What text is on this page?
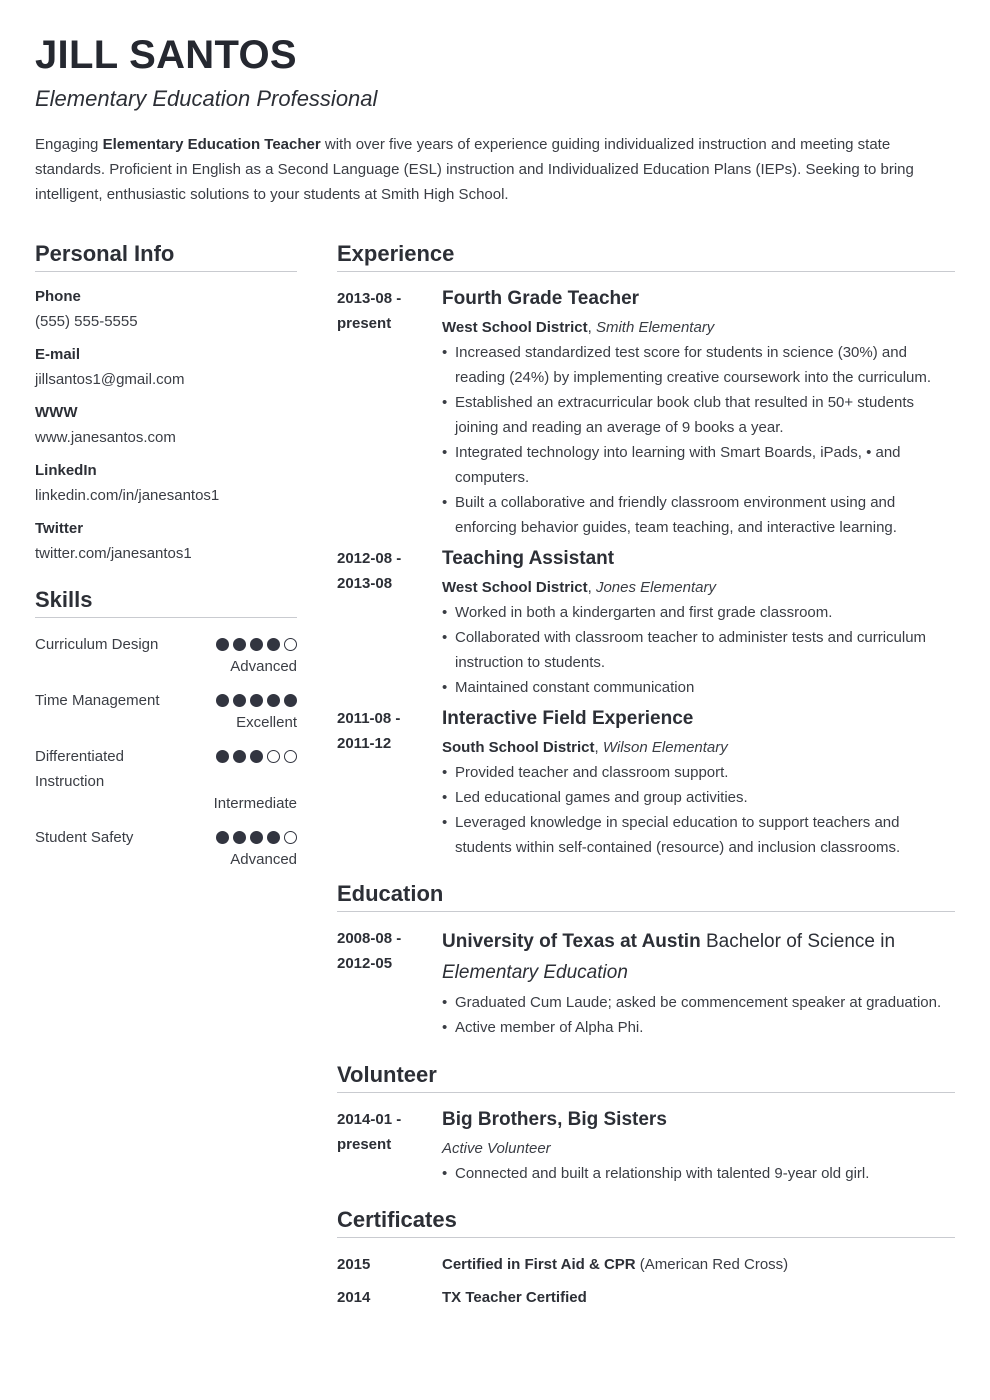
JILL SANTOS
Elementary Education Professional
Engaging Elementary Education Teacher with over five years of experience guiding individualized instruction and meeting state standards. Proficient in English as a Second Language (ESL) instruction and Individualized Education Plans (IEPs). Seeking to bring intelligent, enthusiastic solutions to your students at Smith High School.
Personal Info
Phone
(555) 555-5555
E-mail
jillsantos1@gmail.com
WWW
www.janesantos.com
LinkedIn
linkedin.com/in/janesantos1
Twitter
twitter.com/janesantos1
Skills
Curriculum Design
Advanced
Time Management
Excellent
Differentiated Instruction
Intermediate
Student Safety
Advanced
Experience
2013-08 -
present
Fourth Grade Teacher
West School District, Smith Elementary
• Increased standardized test score for students in science (30%) and reading (24%) by implementing creative coursework into the curriculum.
• Established an extracurricular book club that resulted in 50+ students joining and reading an average of 9 books a year.
• Integrated technology into learning with Smart Boards, iPads, • and computers.
• Built a collaborative and friendly classroom environment using and enforcing behavior guides, team teaching, and interactive learning.
2012-08 -
2013-08
Teaching Assistant
West School District, Jones Elementary
• Worked in both a kindergarten and first grade classroom.
• Collaborated with classroom teacher to administer tests and curriculum instruction to students.
• Maintained constant communication
2011-08 -
2011-12
Interactive Field Experience
South School District, Wilson Elementary
• Provided teacher and classroom support.
• Led educational games and group activities.
• Leveraged knowledge in special education to support teachers and students within self-contained (resource) and inclusion classrooms.
Education
2008-08 -
2012-05
University of Texas at Austin Bachelor of Science in Elementary Education
• Graduated Cum Laude; asked be commencement speaker at graduation.
• Active member of Alpha Phi.
Volunteer
2014-01 -
present
Big Brothers, Big Sisters
Active Volunteer
• Connected and built a relationship with talented 9-year old girl.
Certificates
2015	Certified in First Aid & CPR (American Red Cross)
2014	TX Teacher Certified
